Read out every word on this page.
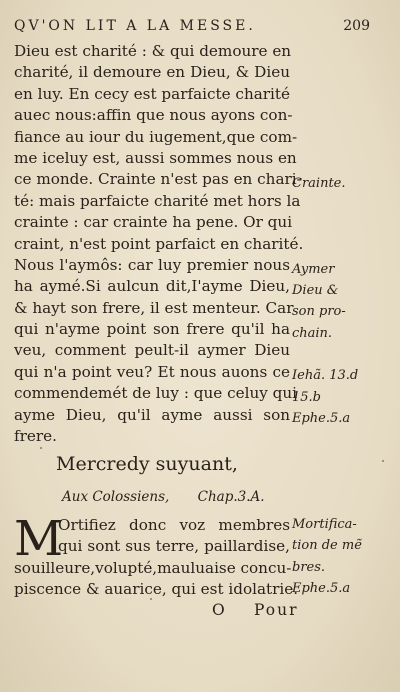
QV'ON LIT A LA MESSE.	209
Dieu est charité : & qui demoure en
charité, il demoure en Dieu, & Dieu
en luy. En cecy est parfaicte charité
auec nous:affin que nous ayons con-
fiance au iour du iugement,que com-
me iceluy est, aussi sommes nous en
ce monde. Crainte n'est pas en chari-
té: mais parfaicte charité met hors la
crainte : car crainte ha pene. Or qui
craint, n'est point parfaict en charité.
Nous l'aymôs: car luy premier nous
ha aymé.Si aulcun dit,I'ayme Dieu,
& hayt son frere, il est menteur. Car
qui n'ayme point son frere qu'il ha
veu, comment peult-il aymer Dieu
qui n'a point veu? Et nous auons ce
commendemét de luy : que celuy qui
ayme Dieu, qu'il ayme aussi son
frere.
Crainte.
Aymer
Dieu &
son pro-
chain.
Iehã. 13.d
15.b
Ephe.5.a
Mercredy suyuant,
Aux Colossiens, Chap.3.A.
M
Ortifiez donc voz membres
qui sont sus terre, paillardise,
souilleure,volupté,mauluaise concu-
piscence & auarice, qui est idolatrie.
Mortifica-
tion de mẽ
bres.
Ephe.5.a
O Pour
